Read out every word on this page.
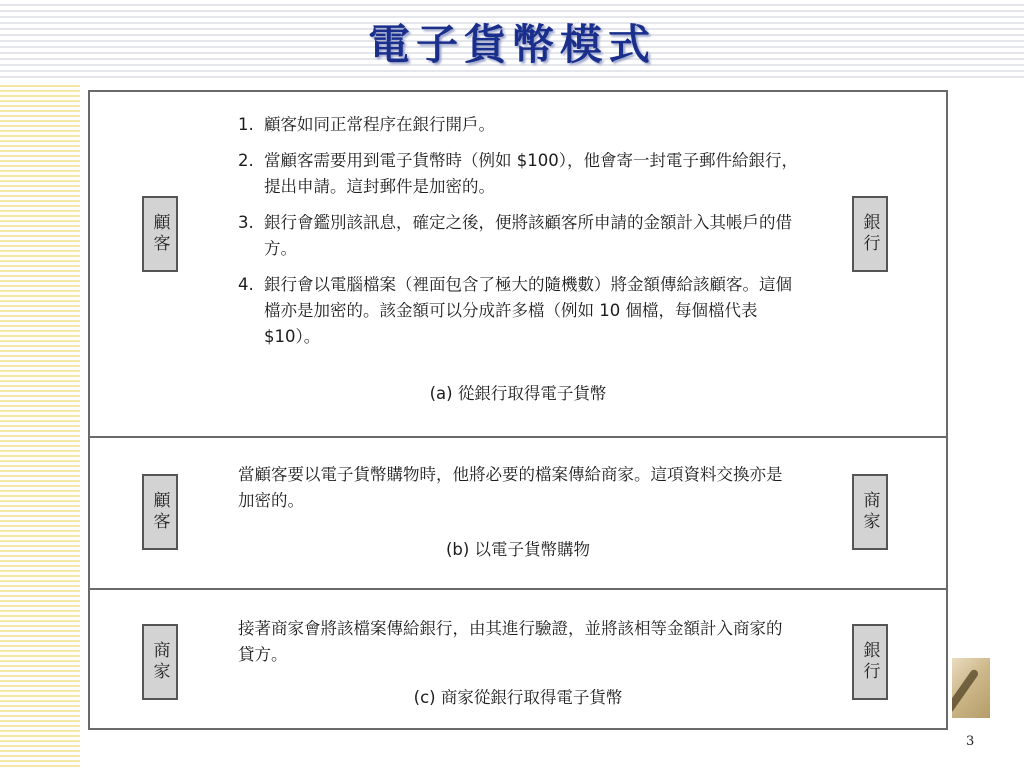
電子貨幣模式
顧客	銀行
1. 顧客如同正常程序在銀行開戶。
2. 當顧客需要用到電子貨幣時（例如 $100），他會寄一封電子郵件給銀行，提出申請。這封郵件是加密的。
3. 銀行會鑑別該訊息，確定之後，便將該顧客所申請的金額計入其帳戶的借方。
4. 銀行會以電腦檔案（裡面包含了極大的隨機數）將金額傳給該顧客。這個檔亦是加密的。該金額可以分成許多檔（例如 10 個檔，每個檔代表 $10）。
(a) 從銀行取得電子貨幣
顧客	商家
當顧客要以電子貨幣購物時，他將必要的檔案傳給商家。這項資料交換亦是加密的。
(b) 以電子貨幣購物
商家	銀行
接著商家會將該檔案傳給銀行，由其進行驗證，並將該相等金額計入商家的貸方。
(c) 商家從銀行取得電子貨幣
3
